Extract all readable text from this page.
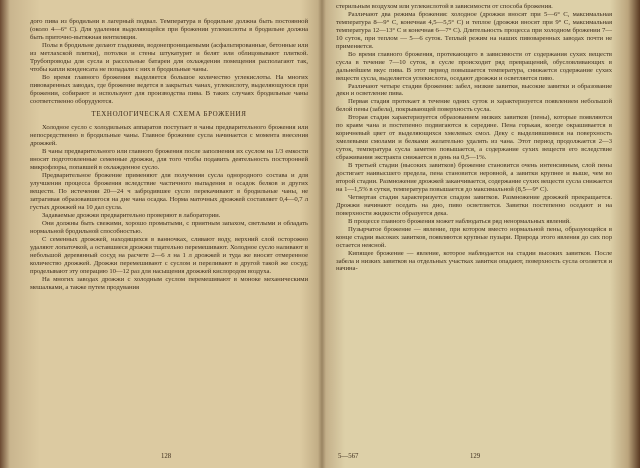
дого пива из бродильни в лагерный подвал. Температура в бродильне должна быть постоянной (около 4—6° С). Для удаления выделяющейся при брожении углекислоты в бродильне должна быть приточно-вытяжная вентиляция.

Полы в бродильне делают гладкими, водонепроницаемыми (асфальтированные, бетонные или из метлахской плитки), потолки и стены штукатурят и белят или облицовывают плиткой. Трубопроводы для сусла и рассольные батареи для охлаждения помещения располагают так, чтобы капли конденсата не попадали с них в бродильные чаны.

Во время главного брожения выделяется большое количество углекислоты. На многих пивоваренных заводах, где брожение ведется в закрытых чанах, углекислоту, выделяющуюся при брожении, собирают и используют для производства пива. В таких случаях бродильные чаны соответственно оборудуются.

ТЕХНОЛОГИЧЕСКАЯ СХЕМА БРОЖЕНИЯ

Холодное сусло с холодильных аппаратов поступает в чаны предварительного брожения или непосредственно в бродильные чаны. Главное брожение сусла начинается с момента внесения дрожжей.

В чаны предварительного или главного брожения после заполнения их суслом на 1/3 емкости вносят подготовленные семенные дрожжи, для того чтобы подавить деятельность посторонней микрофлоры, попавшей в охлажденное сусло.

Предварительное брожение применяют для получения сусла однородного состава и для улучшения процесса брожения вследствие частичного выпадения в осадок белков и других веществ. По истечении 20—24 ч забродившее сусло перекачивают в бродильные чаны, не затрагивая образовавшегося на дне чана осадка. Норма маточных дрожжей составляет 0,4—0,7 л густых дрожжей на 10 дал сусла.

Задаваемые дрожжи предварительно проверяют в лаборатории.

Они должны быть свежими, хорошо промытыми, с приятным запахом, светлыми и обладать нормальной бродильной способностью.

С семенных дрожжей, находящихся в ванночках, сливают воду, верхний слой осторожно удаляют лопаточкой, а оставшиеся дрожжи тщательно перемешивают. Холодное сусло наливают в небольшой деревянный сосуд на расчете 2—6 л на 1 л дрожжей и туда же вносят отмеренное количество дрожжей. Дрожжи перемешивают с суслом и переливают в другой такой же сосуд; проделывают эту операцию 10—12 раз для насыщения дрожжей кислородом воздуха.

На многих заводах дрожжи с холодным суслом перемешивают в моноке механическими мешалками, а также путем продувания

128

стерильным воздухом или углекислотой в зависимости от способа брожения.

Различают два режима брожения: холодное (дрожжи вносят при 5—6° С, максимальная температура 8—9° С, конечная 4,5—5,5° С) и теплое (дрожжи вносят при 9° С, максимальная температура 12—13° С и конечная 6—7° С). Длительность процесса при холодном брожении 7—10 суток, при теплом — 5—6 суток. Теплый режим на наших пивоваренных заводах почти не применяется.

Во время главного брожения, протекающего в зависимости от содержания сухих веществ сусла в течение 7—10 суток, в сусле происходит ряд превращений, обусловливающих в дальнейшем вкус пива. В этот период повышается температура, снижается содержание сухих веществ сусла, выделяется углекислота, оседают дрожжи и осветляется пиво.

Различают четыре стадии брожения: забел, низкие завитки, высокие завитки и образование декн и осветление пива.

Первая стадия протекает в течение одних суток и характеризуется появлением небольшой белой пены (забела), покрывающей поверхность сусла.

Вторая стадия характеризуется образованием низких завитков (пены), которые появляются по краям чана и постепенно подвигаются к середине. Пена горькая, коегде окрашивается в коричневый цвет от выделяющихся хмелевых смол. Деку с выделившимися на поверхность хмелевыми смолами и белками желательно удалять из чана. Этот период продолжается 2—3 суток, температура сусла заметно повышается, а содержание сухих веществ его вследствие сбраживания экстракта снижается в день на 0,5—1%.

В третьей стадии (высоких завитков) брожение становится очень интенсивным, слой пены достигает наивысшего предела, пена становится неровной, а завитки крупнее и выше, чем во второй стадии. Размножение дрожжей заканчивается, содержание сухих веществ сусла снижается на 1—1,5% в сутки, температура повышается до максимальной (8,5—9° С).

Четвертая стадия характеризуется спадом завитков. Размножение дрожжей прекращается. Дрожжи начинают оседать на дно, пиво осветляется. Завитки постепенно оседают и на поверхности жидкости образуется дека.

В процессе главного брожения может наблюдаться ряд ненормальных явлений.

Пузырчатое брожение — явление, при котором вместо нормальной пены, образующейся в конце стадии высоких завитков, появляются крупные пузыри. Природа этого явления до сих пор остается неясной.

Кипящее брожение — явление, которое наблюдается на стадии высоких завитков. После забела и низких завитков на отдельных участках завитки опадают, поверхность сусла оголяется и начина-

5—567	129
